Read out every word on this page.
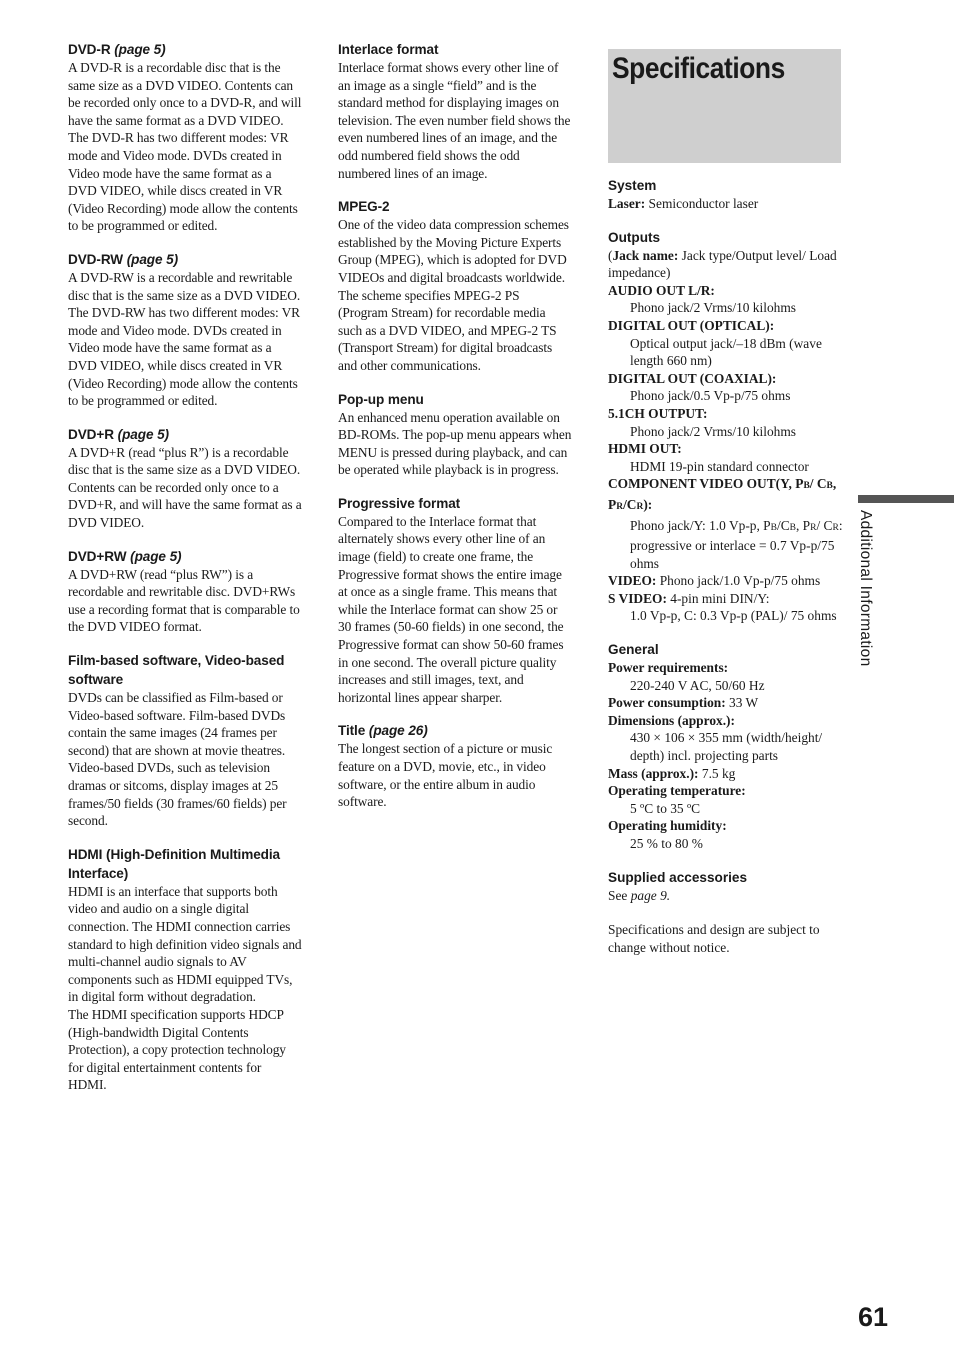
DVD-R (page 5)

A DVD-R is a recordable disc that is the same size as a DVD VIDEO. Contents can be recorded only once to a DVD-R, and will have the same format as a DVD VIDEO. The DVD-R has two different modes: VR mode and Video mode. DVDs created in Video mode have the same format as a DVD VIDEO, while discs created in VR (Video Recording) mode allow the contents to be programmed or edited.

DVD-RW (page 5)

A DVD-RW is a recordable and rewritable disc that is the same size as a DVD VIDEO. The DVD-RW has two different modes: VR mode and Video mode. DVDs created in Video mode have the same format as a DVD VIDEO, while discs created in VR (Video Recording) mode allow the contents to be programmed or edited.

DVD+R (page 5)

A DVD+R (read “plus R”) is a recordable disc that is the same size as a DVD VIDEO. Contents can be recorded only once to a DVD+R, and will have the same format as a DVD VIDEO.

DVD+RW (page 5)

A DVD+RW (read “plus RW”) is a recordable and rewritable disc. DVD+RWs use a recording format that is comparable to the DVD VIDEO format.

Film-based software, Video-based software

DVDs can be classified as Film-based or Video-based software. Film-based DVDs contain the same images (24 frames per second) that are shown at movie theatres. Video-based DVDs, such as television dramas or sitcoms, display images at 25 frames/50 fields (30 frames/60 fields) per second.

HDMI (High-Definition Multimedia Interface)

HDMI is an interface that supports both video and audio on a single digital connection. The HDMI connection carries standard to high definition video signals and multi-channel audio signals to AV components such as HDMI equipped TVs, in digital form without degradation.

The HDMI specification supports HDCP (High-bandwidth Digital Contents Protection), a copy protection technology for digital entertainment contents for HDMI.

Interlace format

Interlace format shows every other line of an image as a single “field” and is the standard method for displaying images on television. The even number field shows the even numbered lines of an image, and the odd numbered field shows the odd numbered lines of an image.

MPEG-2

One of the video data compression schemes established by the Moving Picture Experts Group (MPEG), which is adopted for DVD VIDEOs and digital broadcasts worldwide. The scheme specifies MPEG-2 PS (Program Stream) for recordable media such as a DVD VIDEO, and MPEG-2 TS (Transport Stream) for digital broadcasts and other communications.

Pop-up menu

An enhanced menu operation available on BD-ROMs. The pop-up menu appears when MENU is pressed during playback, and can be operated while playback is in progress.

Progressive format

Compared to the Interlace format that alternately shows every other line of an image (field) to create one frame, the Progressive format shows the entire image at once as a single frame. This means that while the Interlace format can show 25 or 30 frames (50-60 fields) in one second, the Progressive format can show 50-60 frames in one second. The overall picture quality increases and still images, text, and horizontal lines appear sharper.

Title (page 26)

The longest section of a picture or music feature on a DVD, movie, etc., in video software, or the entire album in audio software.

Specifications
System
Laser: Semiconductor laser
Outputs
(Jack name: Jack type/Output level/ Load impedance)
AUDIO OUT L/R:
Phono jack/2 Vrms/10 kilohms
DIGITAL OUT (OPTICAL):
Optical output jack/–18 dBm (wave length 660 nm)
DIGITAL OUT (COAXIAL):
Phono jack/0.5 Vp-p/75 ohms
5.1CH OUTPUT:
Phono jack/2 Vrms/10 kilohms
HDMI OUT:
HDMI 19-pin standard connector
COMPONENT VIDEO OUT(Y, PB/ CB, PR/CR):
Phono jack/Y: 1.0 Vp-p, PB/CB, PR/ CR: progressive or interlace = 0.7 Vp-p/75 ohms
VIDEO: Phono jack/1.0 Vp-p/75 ohms
S VIDEO: 4-pin mini DIN/Y:
1.0 Vp-p, C: 0.3 Vp-p (PAL)/ 75 ohms
General
Power requirements:
220-240 V AC, 50/60 Hz
Power consumption: 33 W
Dimensions (approx.):
430 × 106 × 355 mm (width/height/ depth) incl. projecting parts
Mass (approx.): 7.5 kg
Operating temperature:
5 ºC to 35 ºC
Operating humidity:
25 % to 80 %
Supplied accessories
See page 9.
Specifications and design are subject to change without notice.
Additional Information
61
